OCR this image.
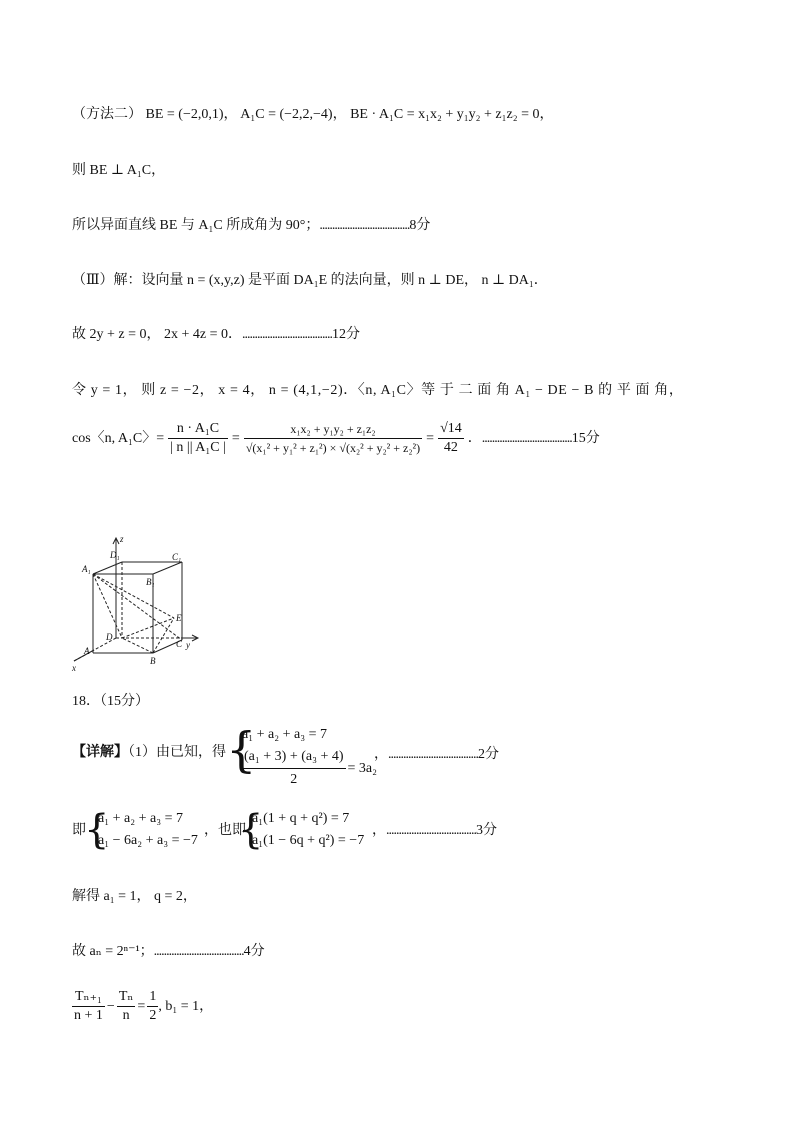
（方法二） BE = (−2,0,1)， A₁C = (−2,2,−4)， BE · A₁C = x₁x₂ + y₁y₂ + z₁z₂ = 0，
则 BE ⊥ A₁C，
所以异面直线 BE 与 A₁C 所成角为 90°；....................................8分
（Ⅲ）解：设向量 n = (x,y,z) 是平面 DA₁E 的法向量，则 n ⊥ DE， n ⊥ DA₁．
故 2y + z = 0， 2x + 4z = 0．....................................12分
令 y = 1， 则 z = −2， x = 4， n = (4,1,−2)．〈n, A₁C〉等 于 二 面 角 A₁ − DE − B 的 平 面 角，
cos〈n, A₁C〉= $\frac{\text{n · A₁C}}{\text{| n || A₁C |}} = \frac{\text{x₁x₂ + y₁y₂ + z₁z₂}}{\text{√(x₁² + y₁² + z₁²) × √(x₂² + y₂² + z₂²)}} = \frac{√14}{42}$ ． .................................... 15分
z
D₁	C₁
A₁
B₁
E
D
C y
A
B
x
18．（15分）
【详解】（1）由已知，得 {
a₁ + a₂ + a₃ = 7
$\frac{\text{(a₁ + 3) + (a₃ + 4)}}{2} = 3a_2$
，....................................2分
即
{
a₁ + a₂ + a₃ = 7
a₁ − 6a₂ + a₃ = −7
，也即
{
a₁(1 + q + q²) = 7
a₁(1 − 6q + q²) = −7
，....................................3分
解得 a₁ = 1， q = 2，
故 aₙ = 2ⁿ⁻¹；....................................4分
$\frac{\text{Tₙ₊₁}}{n + 1} - \frac{\text{Tₙ}}{n} = \frac{1}{2}$ , b₁ = 1，
